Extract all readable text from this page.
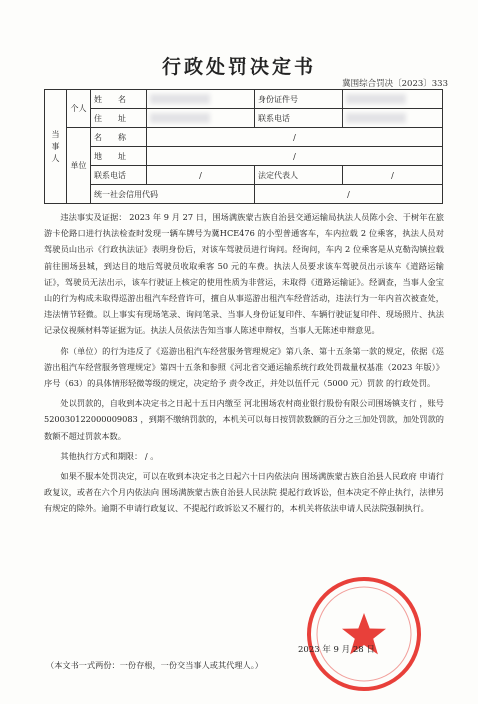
行政处罚决定书
冀围综合罚决〔2023〕333
当事人	个人	姓　　名		身份证件号	
		住　　址		联系电话	
	单位	名　　称	/		
		地　　址	/		
		联系电话	/	法定代表人	/
		统一社会信用代码		/	

违法事实及证据： 2023 年 9 月 27 日，围场满族蒙古族自治县交通运输局执法人员陈小会、于树年在旅游卡伦路口进行执法检查时发现一辆车牌号为冀HCE476 的小型普通客车，车内拉载 2 位乘客，执法人员对驾驶员山出示《行政执法证》表明身份后，对该车驾驶员进行询问。经询问，车内 2 位乘客是从克勒沟镇拉载前往围场县城，到达目的地后驾驶员收取乘客 50 元的车费。执法人员要求该车驾驶员出示该车《道路运输证》，驾驶员无法出示，该车行驶证上核定的使用性质为非营运，未取得《道路运输证》。经调查，当事人金宝山的行为构成未取得巡游出租汽车经营许可，擅自从事巡游出租汽车经营活动，违法行为一年内首次被查处，违法情节轻微。以上事实有现场笔录、询问笔录、当事人身份证复印件、车辆行驶证复印件、现场照片、执法记录仪视频材料等证据为证。执法人员依法告知当事人陈述申辩权，当事人无陈述申辩意见。

你（单位）的行为违反了《巡游出租汽车经营服务管理规定》第八条、第十五条第一款的规定，依据《巡游出租汽车经营服务管理规定》第四十五条和参照《河北省交通运输系统行政处罚裁量权基准（2023 年版）》序号（63）的具体情形轻微等级的规定，决定给予 责令改正，并处以伍仟元（5000 元）罚款 的行政处罚。

处以罚款的，自收到本决定书之日起十五日内缴至 河北围场农村商业银行股份有限公司围场镇支行 ，账号 520030122000009083 ，到期不缴纳罚款的，本机关可以每日按罚款数额的百分之三加处罚款，加处罚款的数额不超过罚款本数。

其他执行方式和期限： / 。

如果不服本处罚决定，可以在收到本决定书之日起六十日内依法向 围场满族蒙古族自治县人民政府 申请行政复议，或者在六个月内依法向 围场满族蒙古族自治县人民法院 提起行政诉讼，但本决定不停止执行，法律另有规定的除外。逾期不申请行政复议、不提起行政诉讼又不履行的，本机关将依法申请人民法院强制执行。

2023 年 9 月 28 日
（本文书一式两份：一份存根，一份交当事人或其代理人。）
